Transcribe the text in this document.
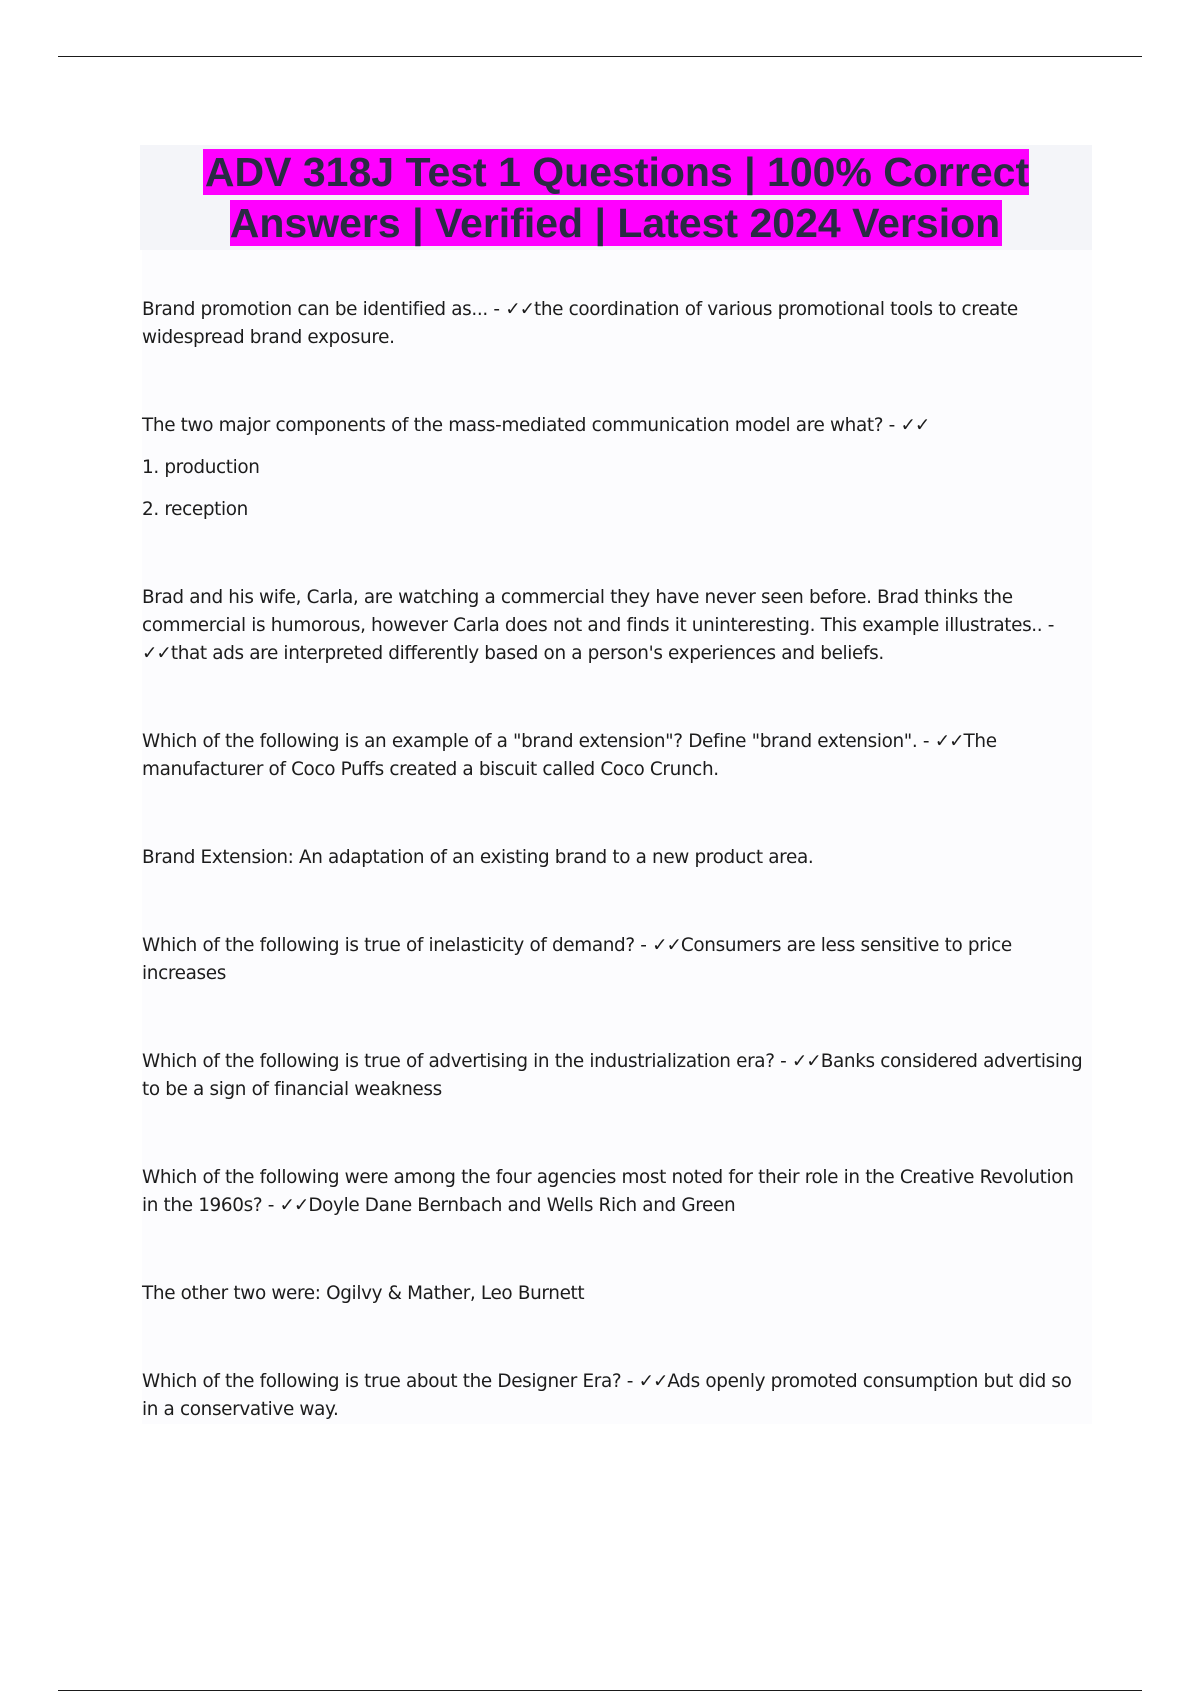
ADV 318J Test 1 Questions | 100% Correct Answers | Verified | Latest 2024 Version

Brand promotion can be identified as... - ✓✓the coordination of various promotional tools to create widespread brand exposure.

The two major components of the mass-mediated communication model are what? - ✓✓

1. production

2. reception

Brad and his wife, Carla, are watching a commercial they have never seen before. Brad thinks the commercial is humorous, however Carla does not and finds it uninteresting. This example illustrates.. - ✓✓that ads are interpreted differently based on a person's experiences and beliefs.

Which of the following is an example of a "brand extension"? Define "brand extension". - ✓✓The manufacturer of Coco Puffs created a biscuit called Coco Crunch.

Brand Extension: An adaptation of an existing brand to a new product area.

Which of the following is true of inelasticity of demand? - ✓✓Consumers are less sensitive to price increases

Which of the following is true of advertising in the industrialization era? - ✓✓Banks considered advertising to be a sign of financial weakness

Which of the following were among the four agencies most noted for their role in the Creative Revolution in the 1960s? - ✓✓Doyle Dane Bernbach and Wells Rich and Green

The other two were: Ogilvy & Mather, Leo Burnett

Which of the following is true about the Designer Era? - ✓✓Ads openly promoted consumption but did so in a conservative way.
